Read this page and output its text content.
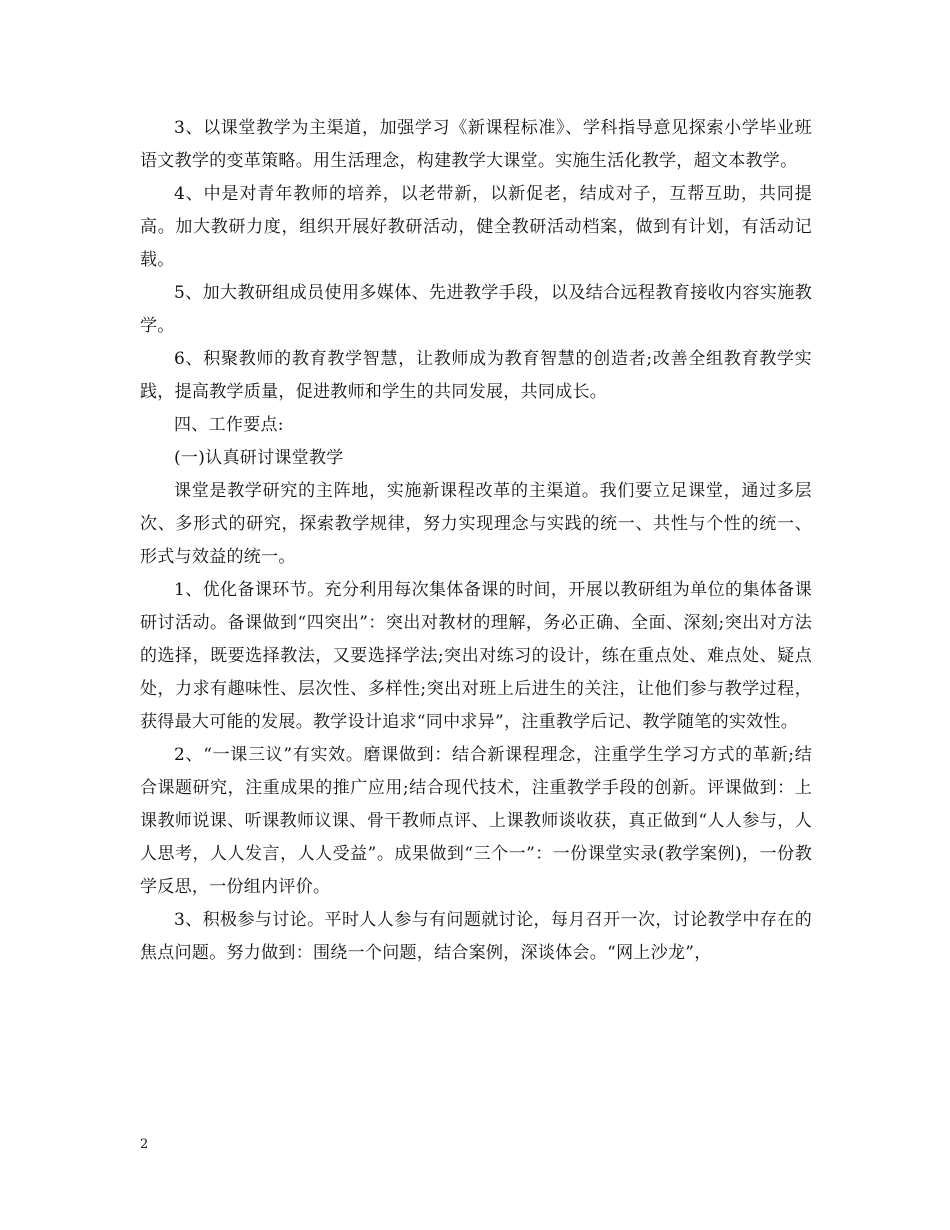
3、以课堂教学为主渠道，加强学习《新课程标准》、学科指导意见探索小学毕业班语文教学的变革策略。用生活理念，构建教学大课堂。实施生活化教学，超文本教学。

4、中是对青年教师的培养，以老带新，以新促老，结成对子，互帮互助，共同提高。加大教研力度，组织开展好教研活动，健全教研活动档案，做到有计划，有活动记载。

5、加大教研组成员使用多媒体、先进教学手段，以及结合远程教育接收内容实施教学。

6、积聚教师的教育教学智慧，让教师成为教育智慧的创造者;改善全组教育教学实践，提高教学质量，促进教师和学生的共同发展，共同成长。

四、工作要点:

(一)认真研讨课堂教学

课堂是教学研究的主阵地，实施新课程改革的主渠道。我们要立足课堂，通过多层次、多形式的研究，探索教学规律，努力实现理念与实践的统一、共性与个性的统一、形式与效益的统一。

1、优化备课环节。充分利用每次集体备课的时间，开展以教研组为单位的集体备课研讨活动。备课做到“四突出”：突出对教材的理解，务必正确、全面、深刻;突出对方法的选择，既要选择教法，又要选择学法;突出对练习的设计，练在重点处、难点处、疑点处，力求有趣味性、层次性、多样性;突出对班上后进生的关注，让他们参与教学过程，获得最大可能的发展。教学设计追求“同中求异”，注重教学后记、教学随笔的实效性。

2、“一课三议”有实效。磨课做到：结合新课程理念，注重学生学习方式的革新;结合课题研究，注重成果的推广应用;结合现代技术，注重教学手段的创新。评课做到：上课教师说课、听课教师议课、骨干教师点评、上课教师谈收获，真正做到“人人参与，人人思考，人人发言，人人受益”。成果做到“三个一”：一份课堂实录(教学案例)，一份教学反思，一份组内评价。

3、积极参与讨论。平时人人参与有问题就讨论，每月召开一次，讨论教学中存在的焦点问题。努力做到：围绕一个问题，结合案例，深谈体会。“网上沙龙”，

2
